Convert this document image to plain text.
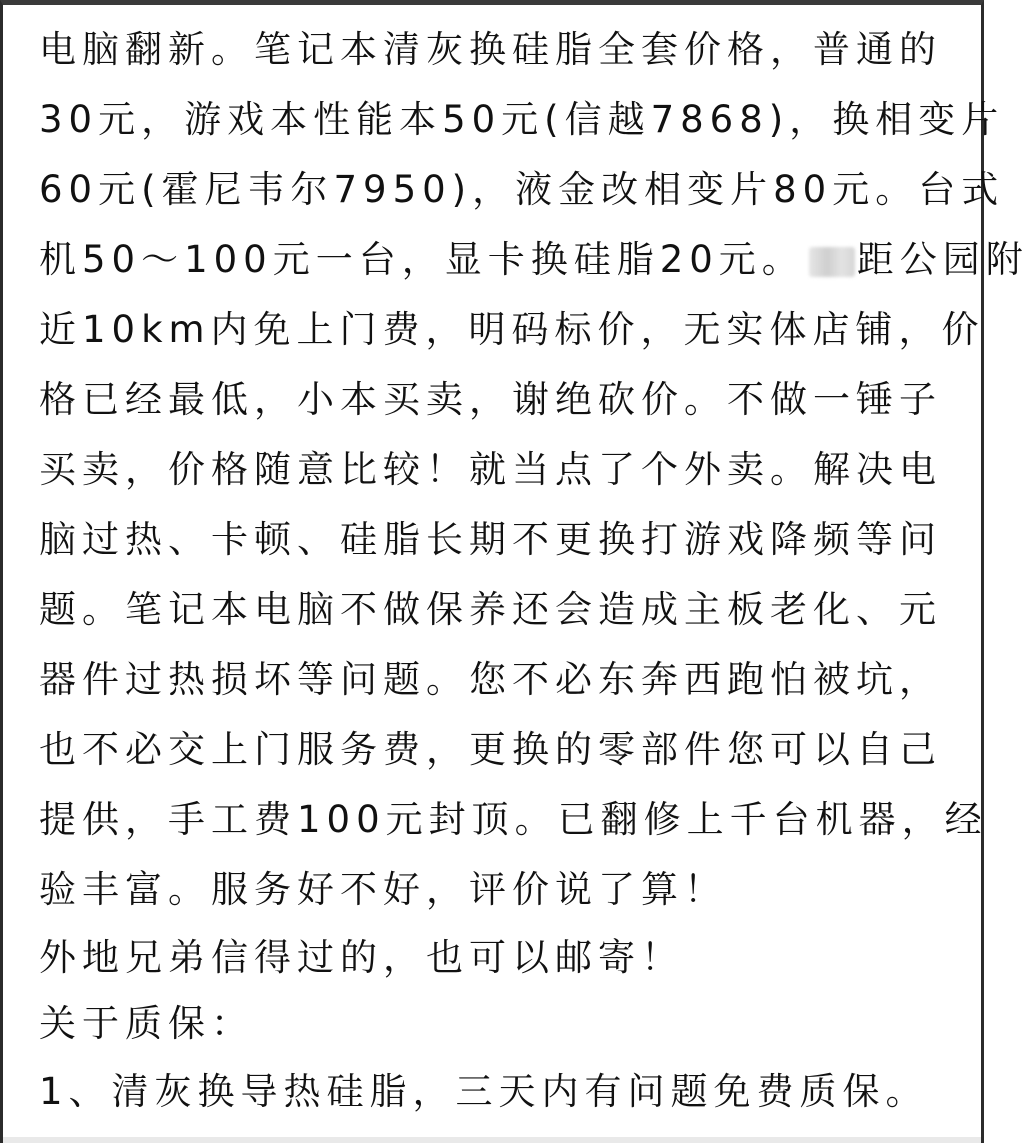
电脑翻新。笔记本清灰换硅脂全套价格，普通的
30元，游戏本性能本50元(信越7868)，换相变片
60元(霍尼韦尔7950)，液金改相变片80元。台式
机50～100元一台，显卡换硅脂20元。 距公园附
近10km内免上门费，明码标价，无实体店铺，价
格已经最低，小本买卖，谢绝砍价。不做一锤子
买卖，价格随意比较！就当点了个外卖。解决电
脑过热、卡顿、硅脂长期不更换打游戏降频等问
题。笔记本电脑不做保养还会造成主板老化、元
器件过热损坏等问题。您不必东奔西跑怕被坑，
也不必交上门服务费，更换的零部件您可以自己
提供，手工费100元封顶。已翻修上千台机器，经
验丰富。服务好不好，评价说了算！
外地兄弟信得过的，也可以邮寄！
关于质保：
1、清灰换导热硅脂，三天内有问题免费质保。
